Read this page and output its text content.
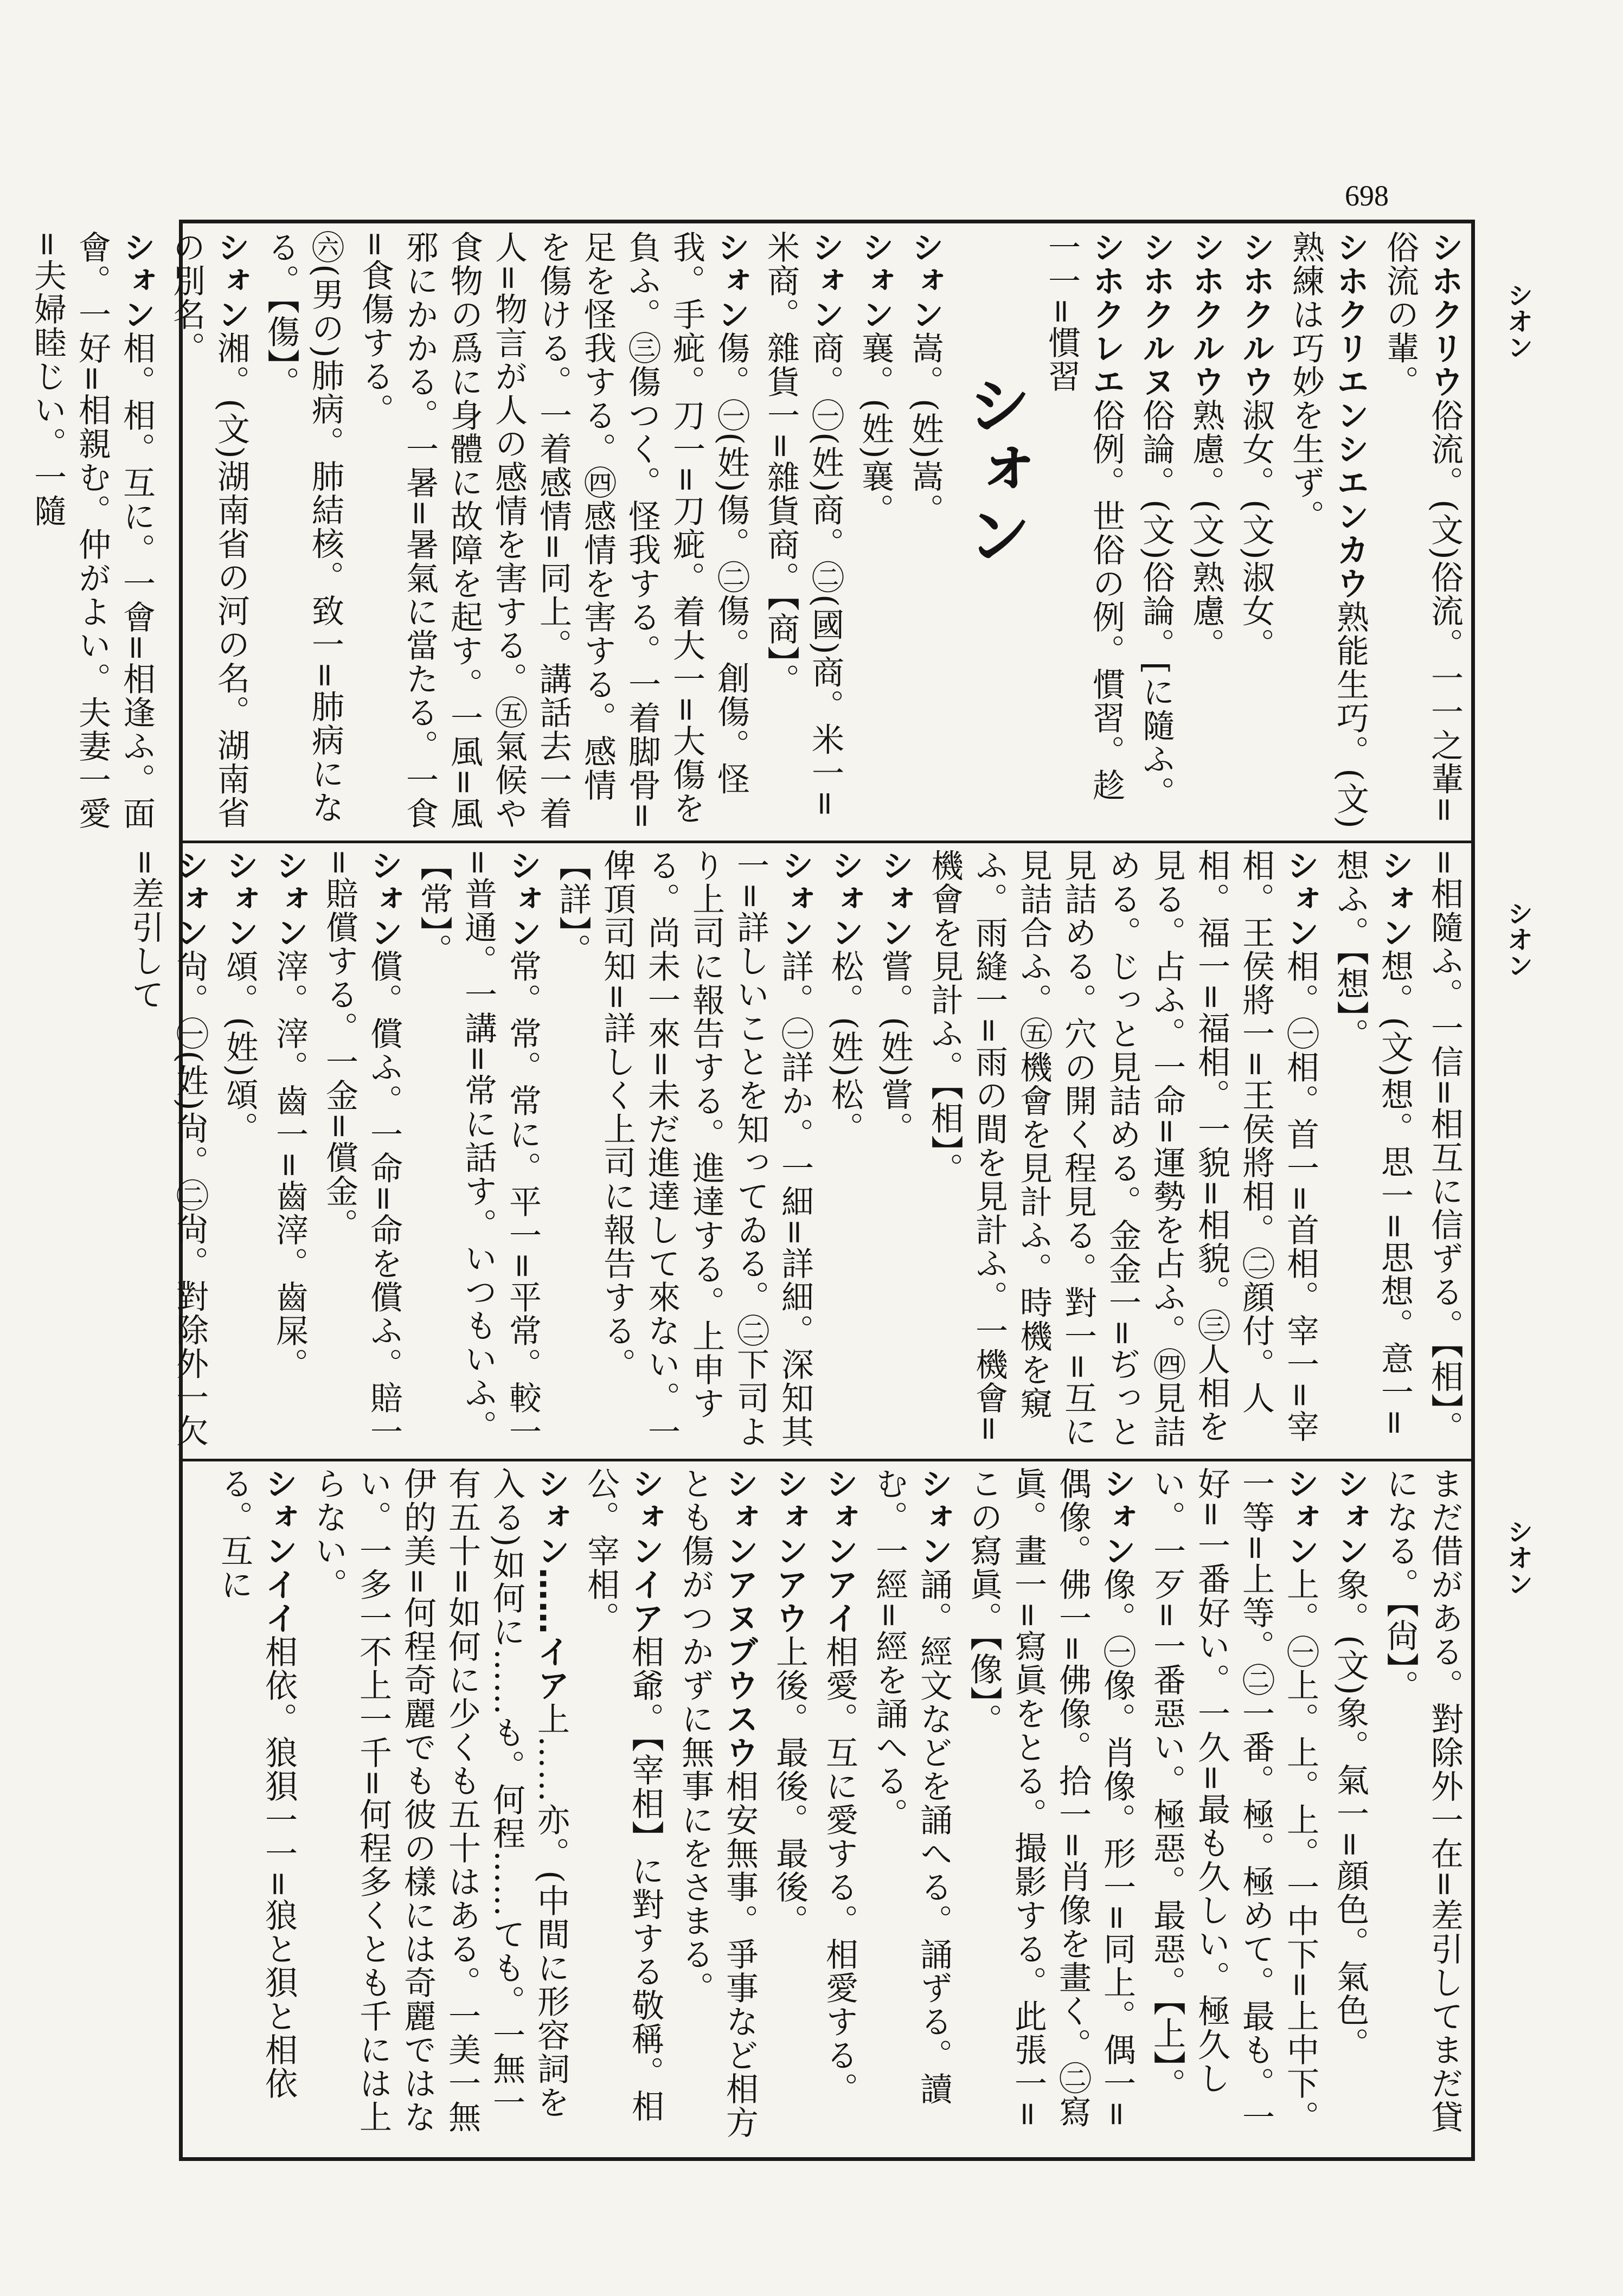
698
シオン
シオン
シオン
シホクリウ俗流。(文)俗流。一一之輩=俗流の輩。
シホクリエンシエンカウ熟能生巧。(文)熟練は巧妙を生ず。
シホクルウ淑女。(文)淑女。
シホクルウ熟慮。(文)熟慮。
シホクルヌ俗論。(文)俗論。[に隨ふ。
シホクレエ俗例。世俗の例。慣習。趁一一=慣習
シォン
シォン嵩。(姓)嵩。
シォン襄。(姓)襄。
シォン商。㊀(姓)商。㊁(國)商。米一=米商。雜貨一=雜貨商。【商】。
シォン傷。㊀(姓)傷。㊁傷。創傷。怪我。手疵。刀一=刀疵。着大一=大傷を負ふ。㊂傷つく。怪我する。一着脚骨=足を怪我する。㊃感情を害する。感情を傷ける。一着感情=同上。講話去一着人=物言が人の感情を害する。㊄氣候や食物の爲に身體に故障を起す。一風=風邪にかかる。一暑=暑氣に當たる。一食=食傷する。
㊅(男の)肺病。肺結核。致一=肺病になる。【傷】。
シォン湘。(文)湖南省の河の名。湖南省の別名。
シォン相。相。互に。一會=相逢ふ。面會。一好=相親む。仲がよい。夫妻一愛=夫婦睦じい。一隨
=相隨ふ。一信=相互に信ずる。【相】。
シォン想。(文)想。思一=思想。意一=想ふ。【想】。
シォン相。㊀相。首一=首相。宰一=宰相。王侯將一=王侯將相。㊁顔付。人相。福一=福相。一貌=相貌。㊂人相を見る。占ふ。一命=運勢を占ふ。㊃見詰める。じっと見詰める。金金一=ぢっと見詰める。穴の開く程見る。對一=互に見詰合ふ。㊄機會を見計ふ。時機を窺ふ。雨縫一=雨の間を見計ふ。一機會=機會を見計ふ。【相】。
シォン嘗。(姓)嘗。
シォン松。(姓)松。
シォン詳。㊀詳か。一細=詳細。深知其一=詳しいことを知ってゐる。㊁下司より上司に報告する。進達する。上申する。尚未一來=未だ進達して來ない。一俾頂司知=詳しく上司に報告する。【詳】。
シォン常。常。常に。平一=平常。較一=普通。一講=常に話す。いつもいふ。【常】。
シォン償。償ふ。一命=命を償ふ。賠一=賠償する。一金=償金。
シォン滓。滓。齒一=齒滓。齒屎。
シォン頌。(姓)頌。
シォン尙。㊀(姓)尙。㊁尙。對除外一欠=差引して
まだ借がある。對除外一在=差引してまだ貸になる。【尙】。
シォン象。(文)象。氣一=顔色。氣色。
シォン上。㊀上。上。上。一中下=上中下。一等=上等。㊁一番。極。極めて。最も。一好=一番好い。一久=最も久しい。極久しい。一歹=一番惡い。極惡。最惡。【上】。
シォン像。㊀像。肖像。形一=同上。偶一=偶像。佛一=佛像。拾一=肖像を畫く。㊁寫眞。畫一=寫眞をとる。撮影する。此張一=この寫眞。【像】。
シォン誦。經文などを誦へる。誦ずる。讀む。一經=經を誦へる。
シォンアイ相愛。互に愛する。相愛する。
シォンアウ上後。最後。最後。
シォンアヌブウスウ相安無事。爭事など相方とも傷がつかずに無事にをさまる。
シォンイア相爺。【宰相】に對する敬稱。相公。宰相。
シォン……イア上……亦。(中間に形容詞を入る)如何に……も。何程……ても。一無一有五十=如何に少くも五十はある。一美一無伊的美=何程奇麗でも彼の樣には奇麗ではない。一多一不上一千=何程多くとも千には上らない。
シォンイイ相依。狼狽一一=狼と狽と相依る。互に
